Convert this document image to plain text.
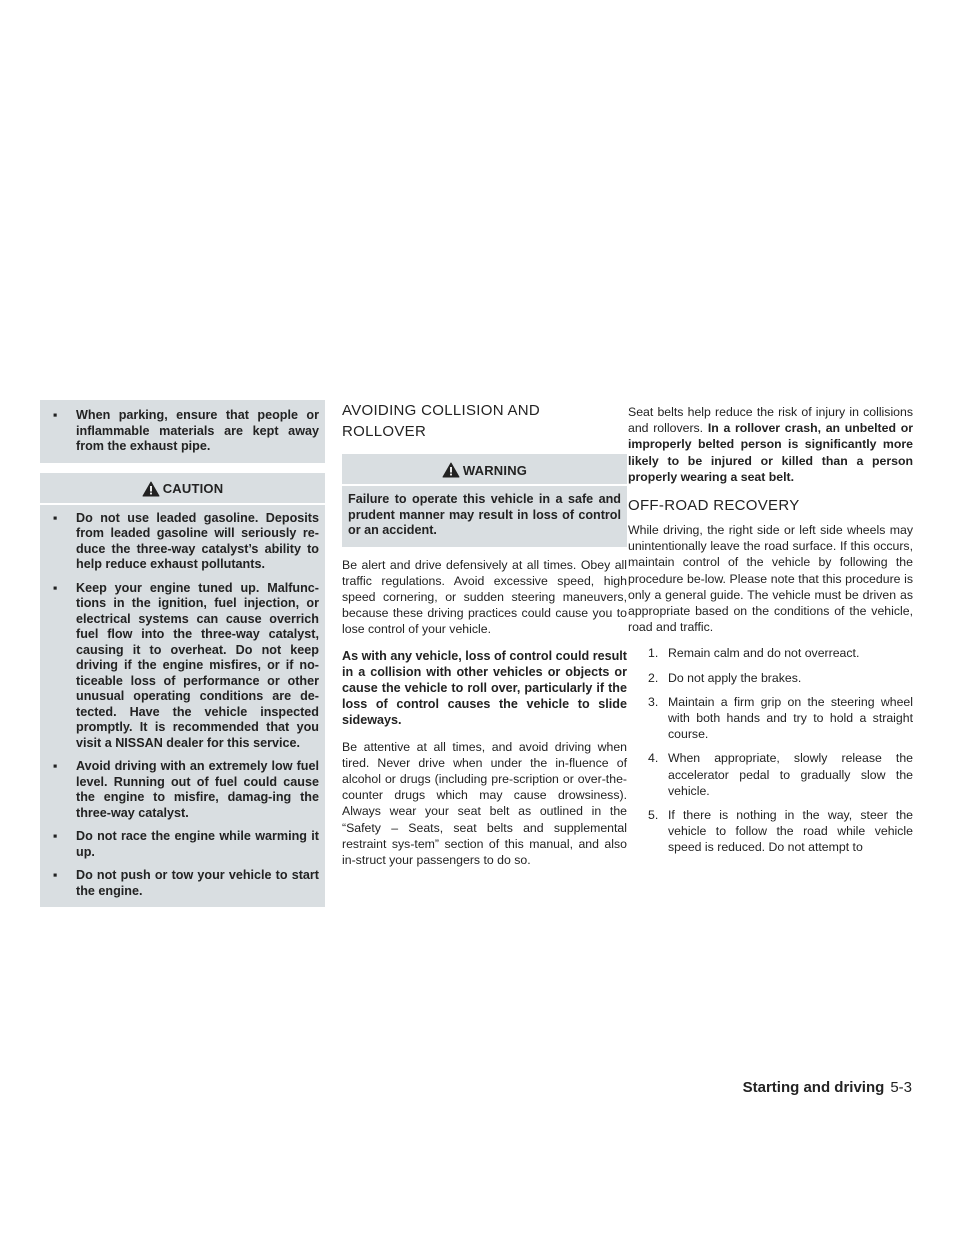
▪	When parking, ensure that people or inflammable materials are kept away from the exhaust pipe.
CAUTION
▪	Do not use leaded gasoline. Deposits from leaded gasoline will seriously re-duce the three-way catalyst’s ability to help reduce exhaust pollutants.
▪	Keep your engine tuned up. Malfunc-tions in the ignition, fuel injection, or electrical systems can cause overrich fuel flow into the three-way catalyst, causing it to overheat. Do not keep driving if the engine misfires, or if no-ticeable loss of performance or other unusual operating conditions are de-tected. Have the vehicle inspected promptly. It is recommended that you visit a NISSAN dealer for this service.
▪	Avoid driving with an extremely low fuel level. Running out of fuel could cause the engine to misfire, damag-ing the three-way catalyst.
▪	Do not race the engine while warming it up.
▪	Do not push or tow your vehicle to start the engine.
AVOIDING COLLISION AND
ROLLOVER
WARNING
Failure to operate this vehicle in a safe and prudent manner may result in loss of control or an accident.

Be alert and drive defensively at all times. Obey all traffic regulations. Avoid excessive speed, high speed cornering, or sudden steering maneuvers, because these driving practices could cause you to lose control of your vehicle.

As with any vehicle, loss of control could result in a collision with other vehicles or objects or cause the vehicle to roll over, particularly if the loss of control causes the vehicle to slide sideways.

Be attentive at all times, and avoid driving when tired. Never drive when under the in-fluence of alcohol or drugs (including pre-scription or over-the-counter drugs which may cause drowsiness). Always wear your seat belt as outlined in the “Safety – Seats, seat belts and supplemental restraint sys-tem” section of this manual, and also in-struct your passengers to do so.

Seat belts help reduce the risk of injury in collisions and rollovers. In a rollover crash, an unbelted or improperly belted person is significantly more likely to be injured or killed than a person properly wearing a seat belt.

OFF-ROAD RECOVERY

While driving, the right side or left side wheels may unintentionally leave the road surface. If this occurs, maintain control of the vehicle by following the procedure be-low. Please note that this procedure is only a general guide. The vehicle must be driven as appropriate based on the conditions of the vehicle, road and traffic.

1. Remain calm and do not overreact.
2. Do not apply the brakes.
3. Maintain a firm grip on the steering wheel with both hands and try to hold a straight course.
4. When appropriate, slowly release the accelerator pedal to gradually slow the vehicle.
5. If there is nothing in the way, steer the vehicle to follow the road while vehicle speed is reduced. Do not attempt to
Starting and driving 5-3
